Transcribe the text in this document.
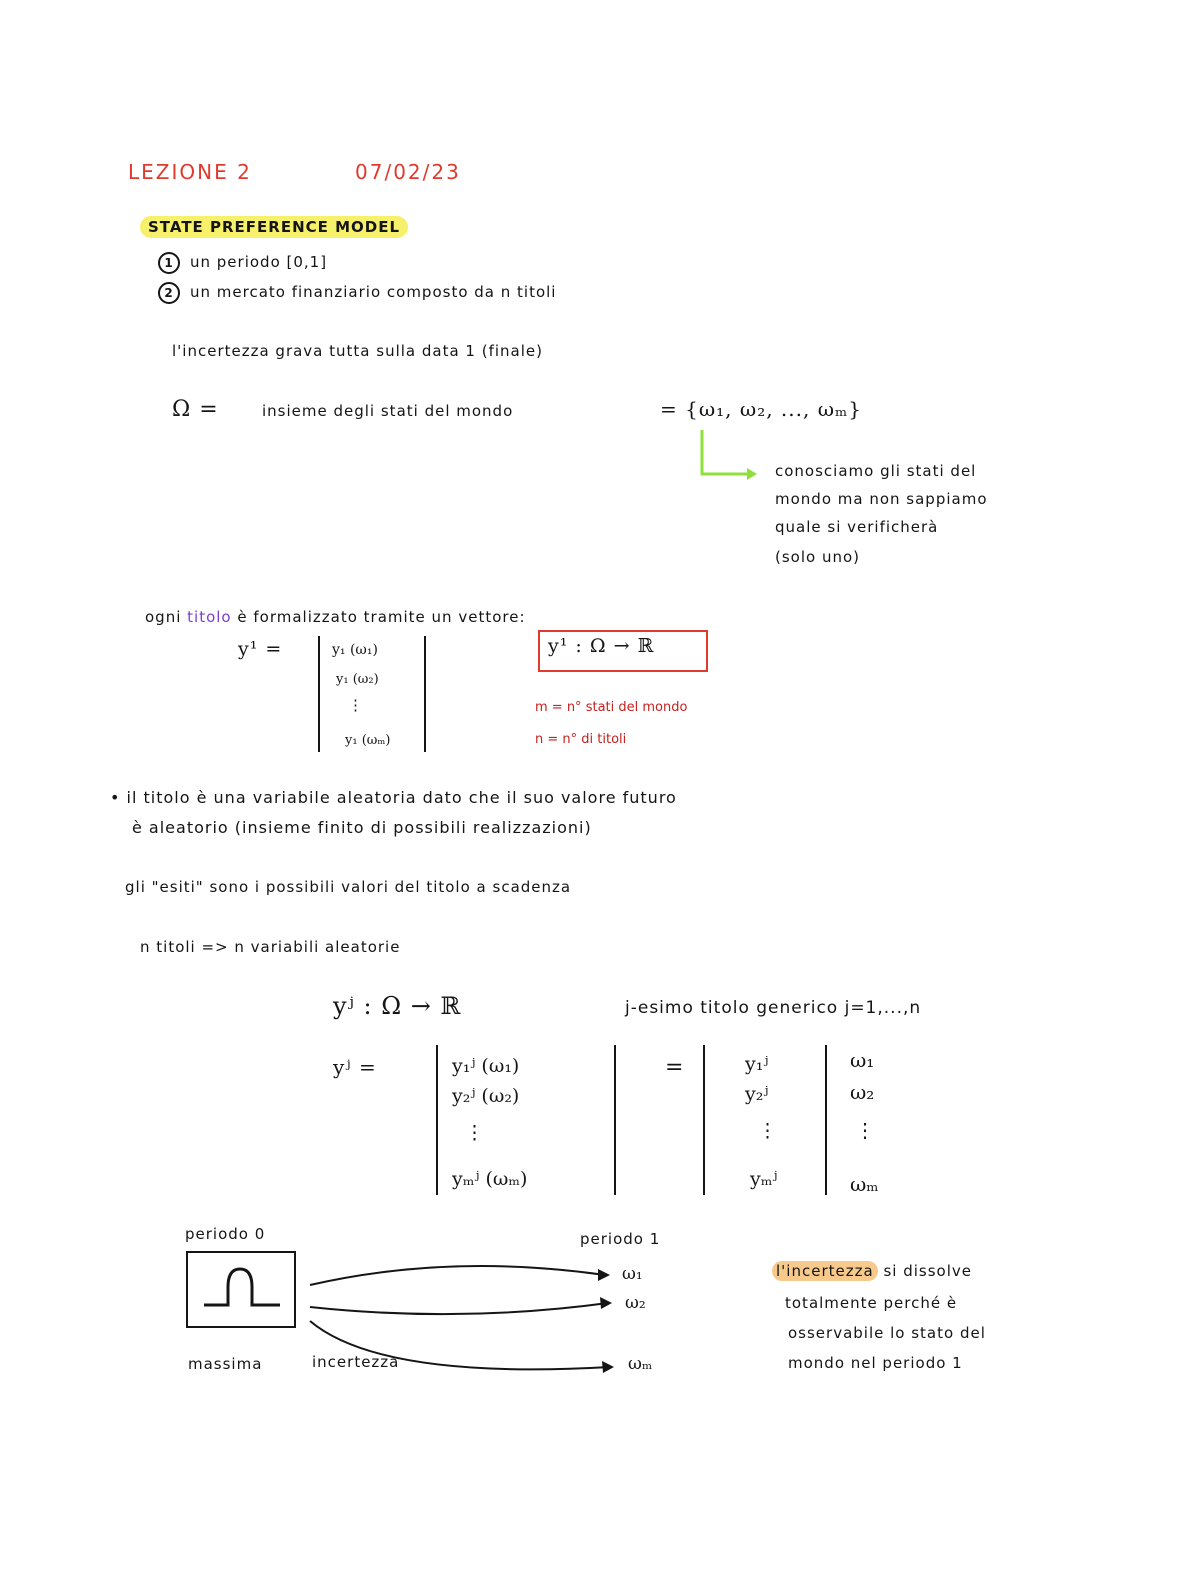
LEZIONE 2	07/02/23
STATE PREFERENCE MODEL
1 un periodo [0,1]
2 un mercato finanziario composto da n titoli
l'incertezza grava tutta sulla data 1 (finale)
Ω =	insieme degli stati del mondo	= {ω₁, ω₂, ..., ωₘ}
conosciamo gli stati del
mondo ma non sappiamo
quale si verificherà
(solo uno)
ogni titolo è formalizzato tramite un vettore:
y¹ =	y₁ (ω₁)
y₁ (ω₂)
⋮
y₁ (ωₘ)
y¹ : Ω → ℝ
m = n° stati del mondo
n = n° di titoli
• il titolo è una variabile aleatoria dato che il suo valore futuro
è aleatorio (insieme finito di possibili realizzazioni)
gli "esiti" sono i possibili valori del titolo a scadenza
n titoli => n variabili aleatorie
yʲ : Ω → ℝ	j-esimo titolo generico j=1,...,n
yʲ =	y₁ʲ (ω₁)
y₂ʲ (ω₂)
⋮
yₘʲ (ωₘ)
=	y₁ʲ
y₂ʲ
⋮
yₘʲ
ω₁
ω₂
⋮
ωₘ
periodo 0	periodo 1
ω₁
ω₂
ωₘ
massima	incertezza
l'incertezza si dissolve
totalmente perché è
osservabile lo stato del
mondo nel periodo 1
